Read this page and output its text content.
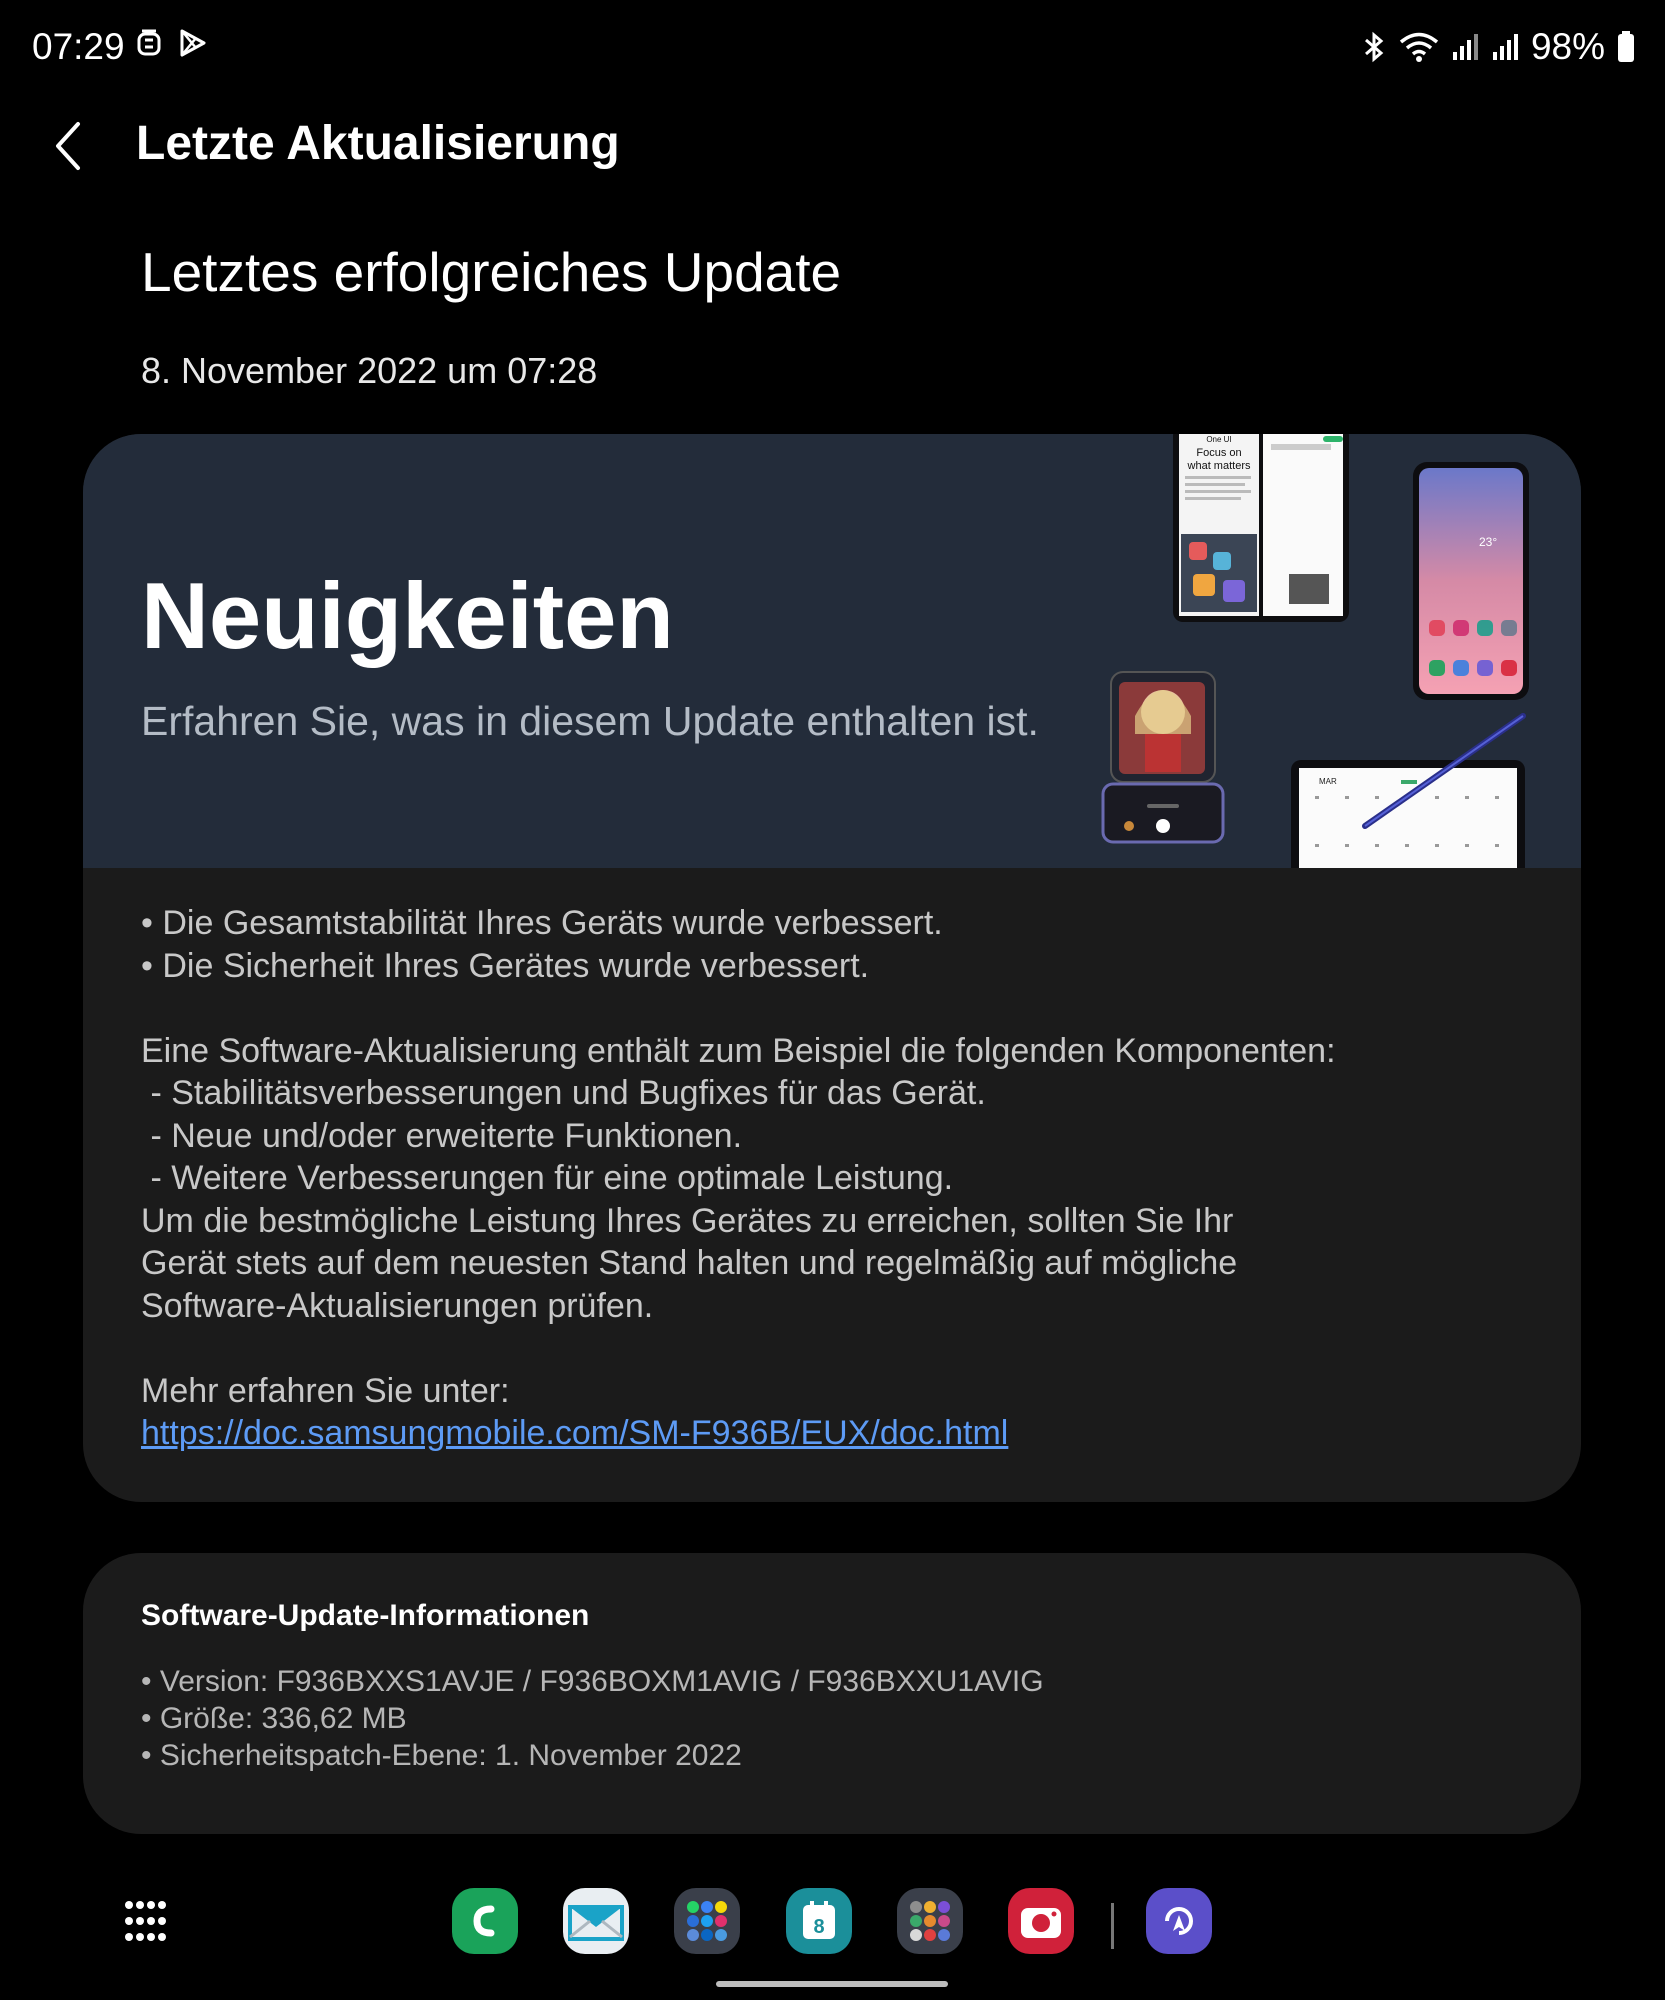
07:29	98%
Letzte Aktualisierung
Letztes erfolgreiches Update
8. November 2022 um 07:28
Neuigkeiten
Erfahren Sie, was in diesem Update enthalten ist.
One UI
Focus on
what matters
23°
MAR
• Die Gesamtstabilität Ihres Geräts wurde verbessert.
• Die Sicherheit Ihres Gerätes wurde verbessert.
Eine Software-Aktualisierung enthält zum Beispiel die folgenden Komponenten:
- Stabilitätsverbesserungen und Bugfixes für das Gerät.
- Neue und/oder erweiterte Funktionen.
- Weitere Verbesserungen für eine optimale Leistung.
Um die bestmögliche Leistung Ihres Gerätes zu erreichen, sollten Sie Ihr
Gerät stets auf dem neuesten Stand halten und regelmäßig auf mögliche
Software-Aktualisierungen prüfen.
Mehr erfahren Sie unter:
https://doc.samsungmobile.com/SM-F936B/EUX/doc.html
Software-Update-Informationen
• Version: F936BXXS1AVJE / F936BOXM1AVIG / F936BXXU1AVIG
• Größe: 336,62 MB
• Sicherheitspatch-Ebene: 1. November 2022
8
